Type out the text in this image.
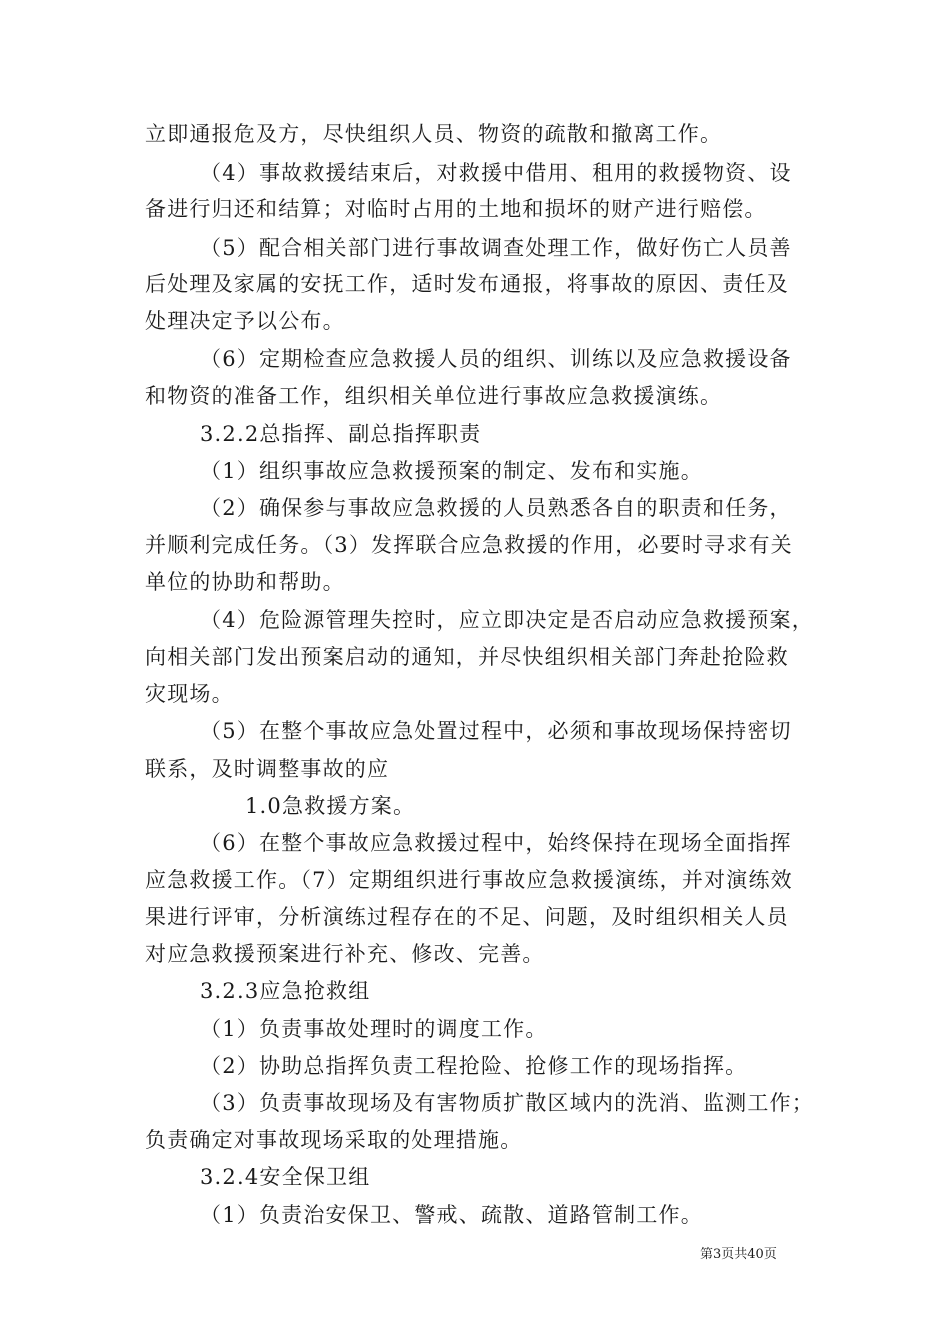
立即通报危及方，尽快组织人员、物资的疏散和撤离工作。
（4）事故救援结束后，对救援中借用、租用的救援物资、设
备进行归还和结算；对临时占用的土地和损坏的财产进行赔偿。
（5）配合相关部门进行事故调查处理工作，做好伤亡人员善
后处理及家属的安抚工作，适时发布通报，将事故的原因、责任及
处理决定予以公布。
（6）定期检查应急救援人员的组织、训练以及应急救援设备
和物资的准备工作，组织相关单位进行事故应急救援演练。
3.2.2总指挥、副总指挥职责
（1）组织事故应急救援预案的制定、发布和实施。
（2）确保参与事故应急救援的人员熟悉各自的职责和任务，
并顺利完成任务。（3）发挥联合应急救援的作用，必要时寻求有关
单位的协助和帮助。
（4）危险源管理失控时，应立即决定是否启动应急救援预案，
向相关部门发出预案启动的通知，并尽快组织相关部门奔赴抢险救
灾现场。
（5）在整个事故应急处置过程中，必须和事故现场保持密切
联系，及时调整事故的应
1.0急救援方案。
（6）在整个事故应急救援过程中，始终保持在现场全面指挥
应急救援工作。（7）定期组织进行事故应急救援演练，并对演练效
果进行评审，分析演练过程存在的不足、问题，及时组织相关人员
对应急救援预案进行补充、修改、完善。
3.2.3应急抢救组
（1）负责事故处理时的调度工作。
（2）协助总指挥负责工程抢险、抢修工作的现场指挥。
（3）负责事故现场及有害物质扩散区域内的洗消、监测工作；
负责确定对事故现场采取的处理措施。
3.2.4安全保卫组
（1）负责治安保卫、警戒、疏散、道路管制工作。
第3页共40页
